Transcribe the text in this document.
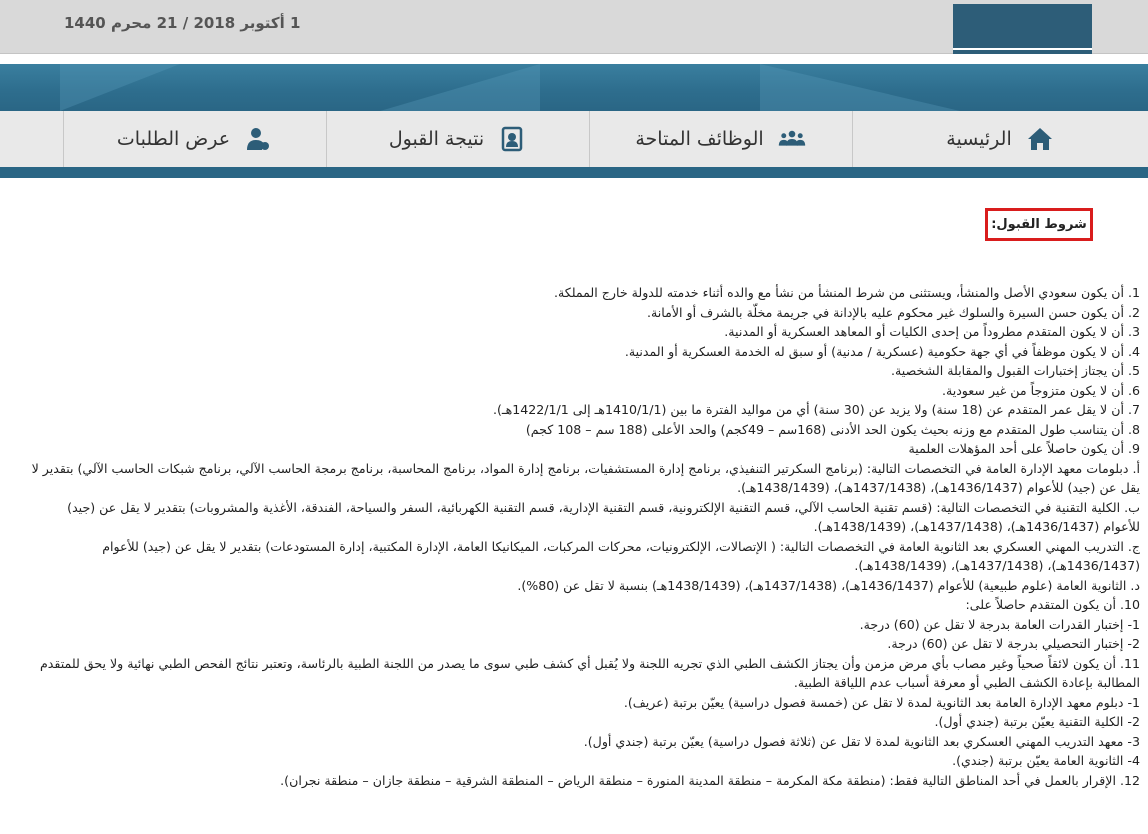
1 أكتوبر 2018 / 21 محرم 1440
الرئيسية
الوظائف المتاحة
نتيجة القبول
عرض الطلبات
شروط القبول:

1. أن يكون سعودي الأصل والمنشأ، ويستثنى من شرط المنشأ من نشأ مع والده أثناء خدمته للدولة خارج المملكة.

2. أن يكون حسن السيرة والسلوك غير محكوم عليه بالإدانة في جريمة مخلّة بالشرف أو الأمانة.

3. أن لا يكون المتقدم مطروداً من إحدى الكليات أو المعاهد العسكرية أو المدنية.

4. أن لا يكون موظفاً في أي جهة حكومية (عسكرية / مدنية) أو سبق له الخدمة العسكرية أو المدنية.

5. أن يجتاز إختبارات القبول والمقابلة الشخصية.

6. أن لا يكون متزوجاً من غير سعودية.

7. أن لا يقل عمر المتقدم عن (18 سنة) ولا يزيد عن (30 سنة) أي من مواليد الفترة ما بين (1410/1/1هـ إلى 1422/1/1هـ).

8. أن يتناسب طول المتقدم مع وزنه بحيث يكون الحد الأدنى (168سم – 49كجم) والحد الأعلى (188 سم – 108 كجم)

9. أن يكون حاصلاً على أحد المؤهلات العلمية

أ. دبلومات معهد الإدارة العامة في التخصصات التالية: (برنامج السكرتير التنفيذي، برنامج إدارة المستشفيات، برنامج إدارة المواد، برنامج المحاسبة، برنامج برمجة الحاسب الآلي، برنامج شبكات الحاسب الآلي) بتقدير لا يقل عن (جيد) للأعوام (1436/1437هـ)، (1437/1438هـ)، (1438/1439هـ).

ب. الكلية التقنية في التخصصات التالية: (قسم تقنية الحاسب الآلي، قسم التقنية الإلكترونية، قسم التقنية الإدارية، قسم التقنية الكهربائية، السفر والسياحة، الفندقة، الأغذية والمشروبات) بتقدير لا يقل عن (جيد) للأعوام (1436/1437هـ)، (1437/1438هـ)، (1438/1439هـ).

ج. التدريب المهني العسكري بعد الثانوية العامة في التخصصات التالية: ( الإتصالات، الإلكترونيات، محركات المركبات، الميكانيكا العامة، الإدارة المكتبية، إدارة المستودعات) بتقدير لا يقل عن (جيد) للأعوام (1436/1437هـ)، (1437/1438هـ)، (1438/1439هـ).

د. الثانوية العامة (علوم طبيعية) للأعوام (1436/1437هـ)، (1437/1438هـ)، (1438/1439هـ) بنسبة لا تقل عن (80%).

10. أن يكون المتقدم حاصلاً على:

1- إختبار القدرات العامة بدرجة لا تقل عن (60) درجة.

2- إختبار التحصيلي بدرجة لا تقل عن (60) درجة.

11. أن يكون لائقاً صحياً وغير مصاب بأي مرض مزمن وأن يجتاز الكشف الطبي الذي تجريه اللجنة ولا يُقبل أي كشف طبي سوى ما يصدر من اللجنة الطبية بالرئاسة، وتعتبر نتائج الفحص الطبي نهائية ولا يحق للمتقدم المطالبة بإعادة الكشف الطبي أو معرفة أسباب عدم اللياقة الطبية.

1- دبلوم معهد الإدارة العامة بعد الثانوية لمدة لا تقل عن (خمسة فصول دراسية) يعيّن برتبة (عريف).

2- الكلية التقنية يعيّن برتبة (جندي أول).

3- معهد التدريب المهني العسكري بعد الثانوية لمدة لا تقل عن (ثلاثة فصول دراسية) يعيّن برتبة (جندي أول).

4- الثانوية العامة يعيّن برتبة (جندي).

12. الإقرار بالعمل في أحد المناطق التالية فقط: (منطقة مكة المكرمة – منطقة المدينة المنورة – منطقة الرياض – المنطقة الشرقية – منطقة جازان – منطقة نجران).
